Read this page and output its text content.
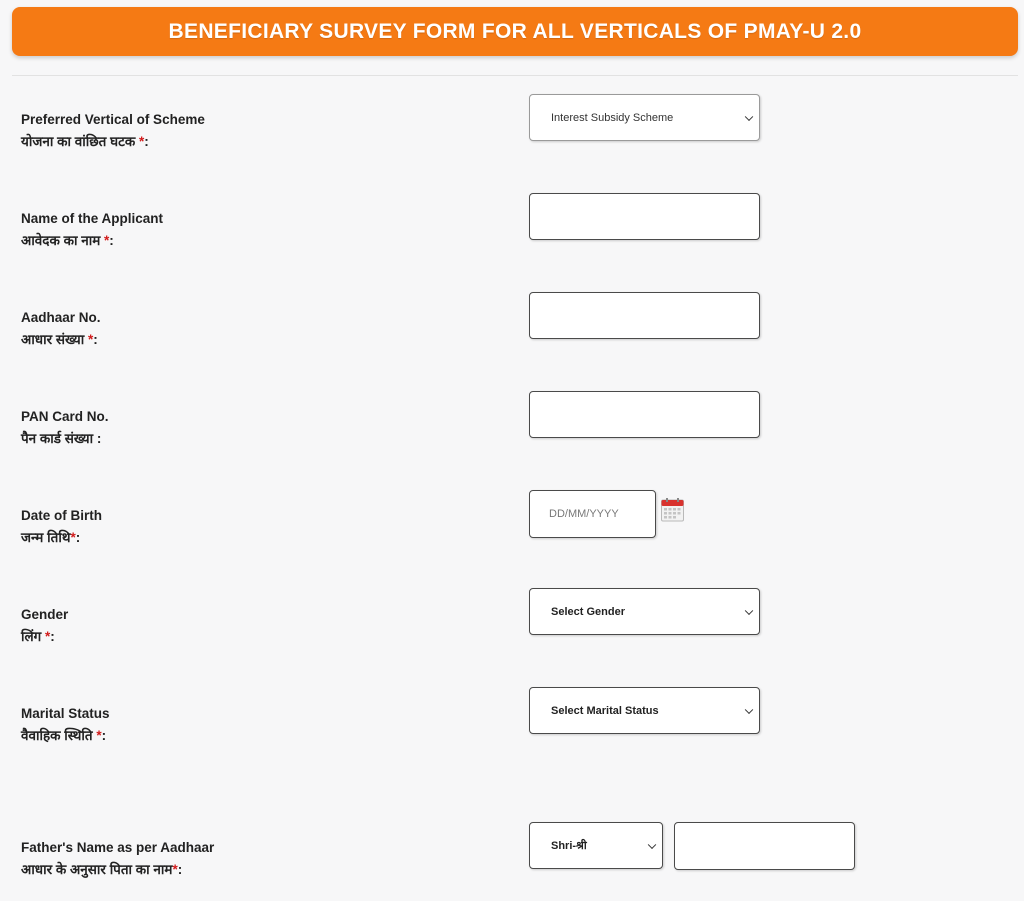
BENEFICIARY SURVEY FORM FOR ALL VERTICALS OF PMAY-U 2.0
Preferred Vertical of Scheme
योजना का वांछित घटक *:
Interest Subsidy Scheme
Name of the Applicant
आवेदक का नाम *:
Aadhaar No.
आधार संख्या *:
PAN Card No.
पैन कार्ड संख्या :
Date of Birth
जन्म तिथि*:
DD/MM/YYYY
Gender
लिंग *:
Select Gender
Marital Status
वैवाहिक स्थिति *:
Select Marital Status
Father's Name as per Aadhaar
आधार के अनुसार पिता का नाम*:
Shri-श्री
